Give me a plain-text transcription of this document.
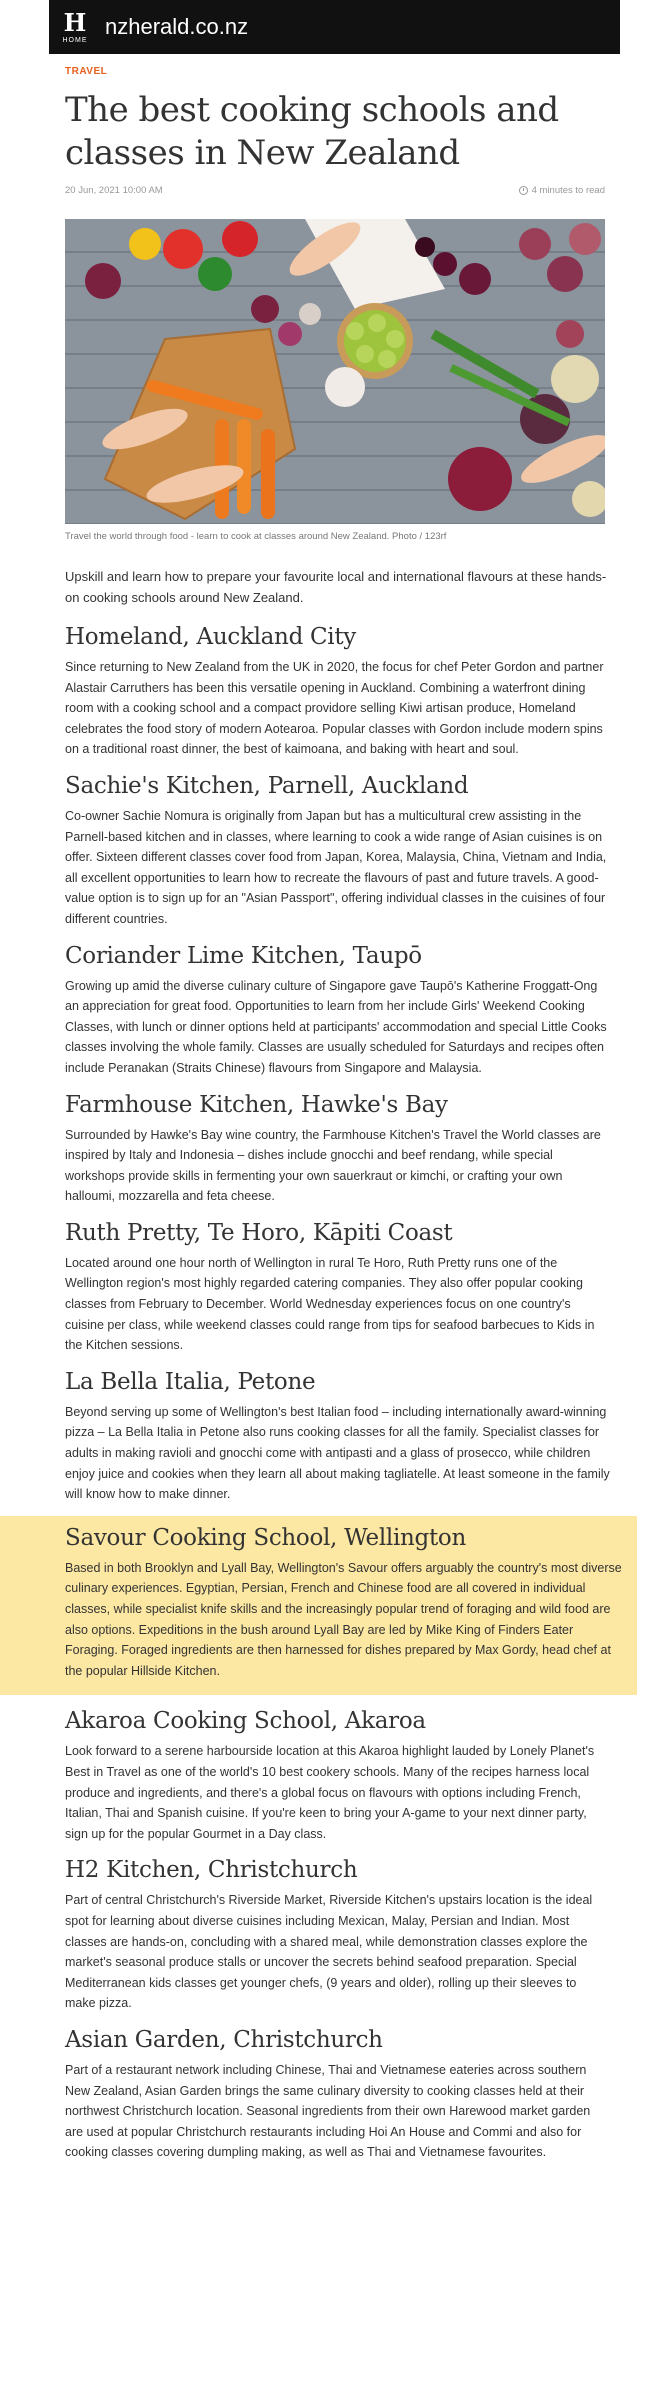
H
HOME
nzherald.co.nz
TRAVEL
The best cooking schools and classes in New Zealand
20 Jun, 2021 10:00 AM	4 minutes to read
Travel the world through food - learn to cook at classes around New Zealand. Photo / 123rf

Upskill and learn how to prepare your favourite local and international flavours at these hands-on cooking schools around New Zealand.

Homeland, Auckland City

Since returning to New Zealand from the UK in 2020, the focus for chef Peter Gordon and partner Alastair Carruthers has been this versatile opening in Auckland. Combining a waterfront dining room with a cooking school and a compact providore selling Kiwi artisan produce, Homeland celebrates the food story of modern Aotearoa. Popular classes with Gordon include modern spins on a traditional roast dinner, the best of kaimoana, and baking with heart and soul.

Sachie's Kitchen, Parnell, Auckland

Co-owner Sachie Nomura is originally from Japan but has a multicultural crew assisting in the Parnell-based kitchen and in classes, where learning to cook a wide range of Asian cuisines is on offer. Sixteen different classes cover food from Japan, Korea, Malaysia, China, Vietnam and India, all excellent opportunities to learn how to recreate the flavours of past and future travels. A good-value option is to sign up for an "Asian Passport", offering individual classes in the cuisines of four different countries.

Coriander Lime Kitchen, Taupō

Growing up amid the diverse culinary culture of Singapore gave Taupō's Katherine Froggatt-Ong an appreciation for great food. Opportunities to learn from her include Girls' Weekend Cooking Classes, with lunch or dinner options held at participants' accommodation and special Little Cooks classes involving the whole family. Classes are usually scheduled for Saturdays and recipes often include Peranakan (Straits Chinese) flavours from Singapore and Malaysia.

Farmhouse Kitchen, Hawke's Bay

Surrounded by Hawke's Bay wine country, the Farmhouse Kitchen's Travel the World classes are inspired by Italy and Indonesia – dishes include gnocchi and beef rendang, while special workshops provide skills in fermenting your own sauerkraut or kimchi, or crafting your own halloumi, mozzarella and feta cheese.

Ruth Pretty, Te Horo, Kāpiti Coast

Located around one hour north of Wellington in rural Te Horo, Ruth Pretty runs one of the Wellington region's most highly regarded catering companies. They also offer popular cooking classes from February to December. World Wednesday experiences focus on one country's cuisine per class, while weekend classes could range from tips for seafood barbecues to Kids in the Kitchen sessions.

La Bella Italia, Petone

Beyond serving up some of Wellington's best Italian food – including internationally award-winning pizza – La Bella Italia in Petone also runs cooking classes for all the family. Specialist classes for adults in making ravioli and gnocchi come with antipasti and a glass of prosecco, while children enjoy juice and cookies when they learn all about making tagliatelle. At least someone in the family will know how to make dinner.

Savour Cooking School, Wellington

Based in both Brooklyn and Lyall Bay, Wellington's Savour offers arguably the country's most diverse culinary experiences. Egyptian, Persian, French and Chinese food are all covered in individual classes, while specialist knife skills and the increasingly popular trend of foraging and wild food are also options. Expeditions in the bush around Lyall Bay are led by Mike King of Finders Eater Foraging. Foraged ingredients are then harnessed for dishes prepared by Max Gordy, head chef at the popular Hillside Kitchen.

Akaroa Cooking School, Akaroa

Look forward to a serene harbourside location at this Akaroa highlight lauded by Lonely Planet's Best in Travel as one of the world's 10 best cookery schools. Many of the recipes harness local produce and ingredients, and there's a global focus on flavours with options including French, Italian, Thai and Spanish cuisine. If you're keen to bring your A-game to your next dinner party, sign up for the popular Gourmet in a Day class.

H2 Kitchen, Christchurch

Part of central Christchurch's Riverside Market, Riverside Kitchen's upstairs location is the ideal spot for learning about diverse cuisines including Mexican, Malay, Persian and Indian. Most classes are hands-on, concluding with a shared meal, while demonstration classes explore the market's seasonal produce stalls or uncover the secrets behind seafood preparation. Special Mediterranean kids classes get younger chefs, (9 years and older), rolling up their sleeves to make pizza.

Asian Garden, Christchurch

Part of a restaurant network including Chinese, Thai and Vietnamese eateries across southern New Zealand, Asian Garden brings the same culinary diversity to cooking classes held at their northwest Christchurch location. Seasonal ingredients from their own Harewood market garden are used at popular Christchurch restaurants including Hoi An House and Commi and also for cooking classes covering dumpling making, as well as Thai and Vietnamese favourites.
